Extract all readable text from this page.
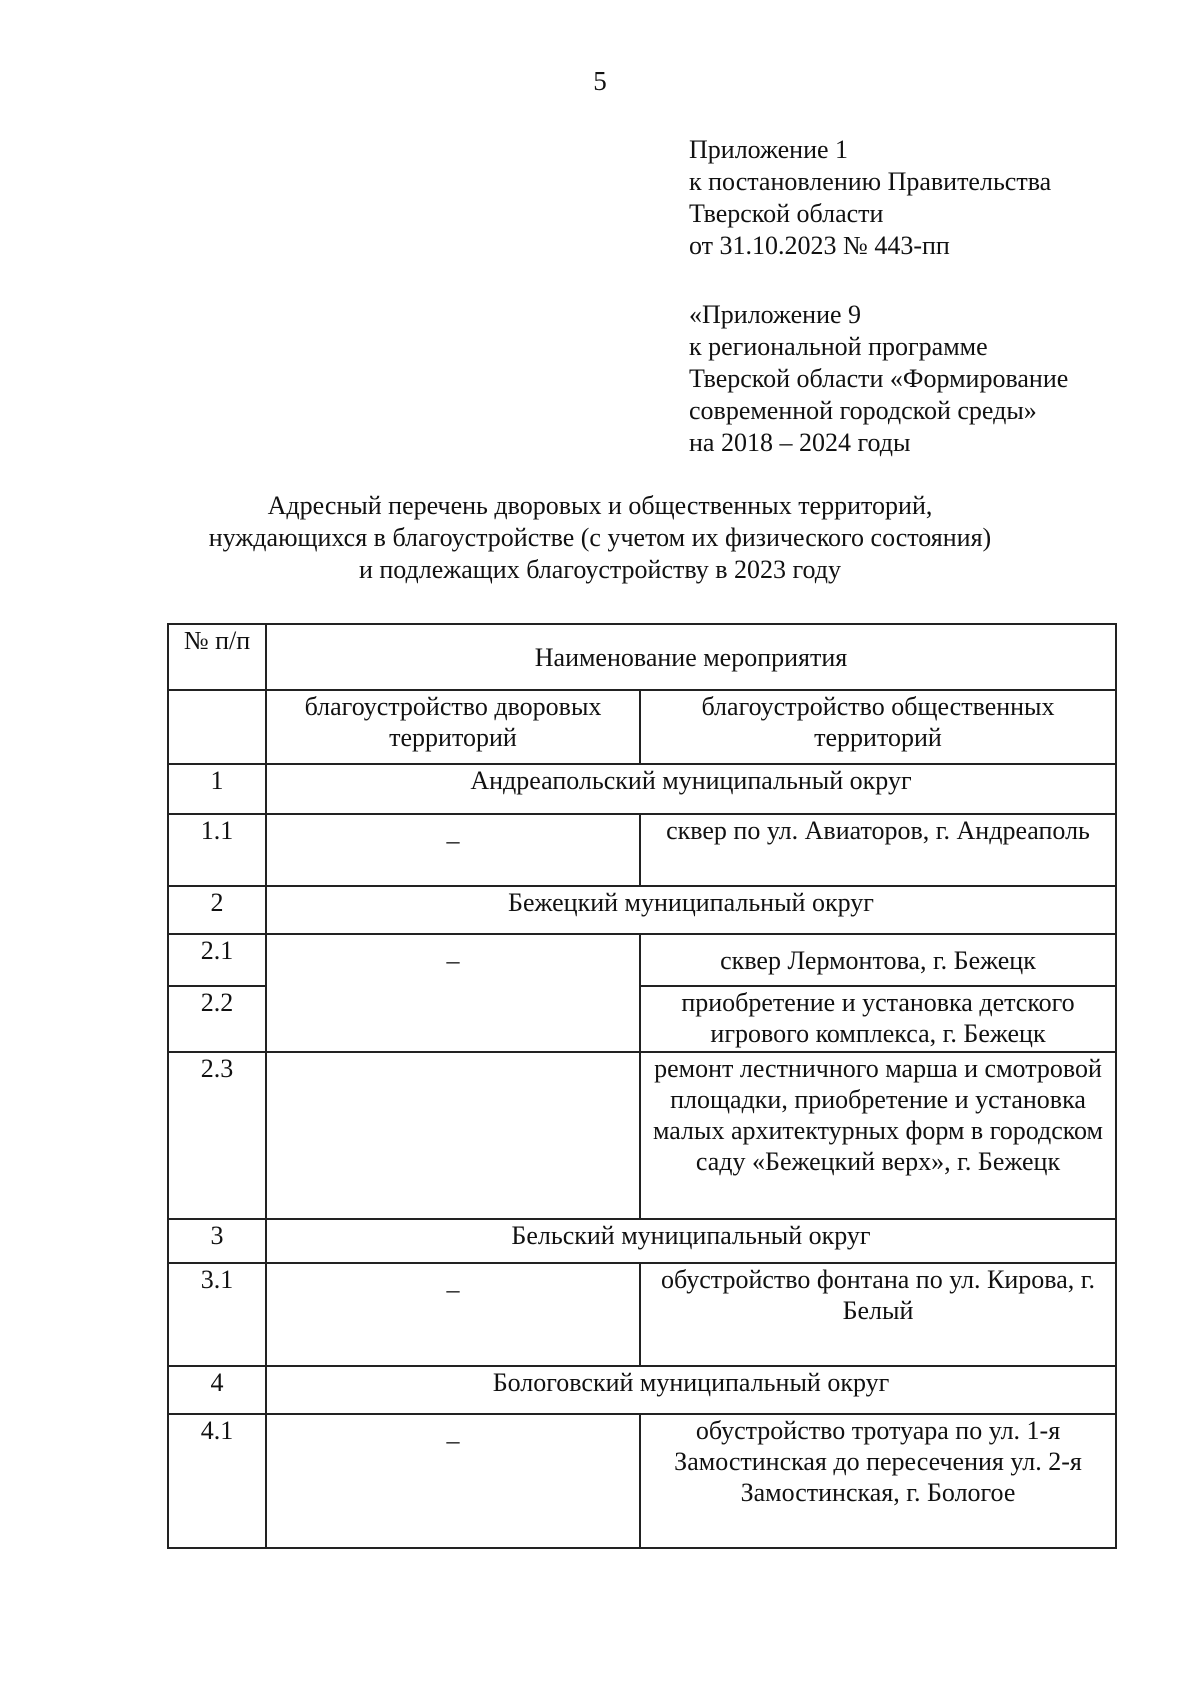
5
Приложение 1
к постановлению Правительства
Тверской области
от 31.10.2023 № 443-пп
«Приложение 9
к региональной программе
Тверской области «Формирование
современной городской среды»
на 2018 – 2024 годы
Адресный перечень дворовых и общественных территорий,
нуждающихся в благоустройстве (с учетом их физического состояния)
и подлежащих благоустройству в 2023 году
№ п/п	Наименование мероприятия	
	благоустройство дворовых территорий	благоустройство общественных территорий
1	Андреапольский муниципальный округ	
1.1	–	сквер по ул. Авиаторов, г. Андреаполь
2	Бежецкий муниципальный округ	
2.1	–	сквер Лермонтова, г. Бежецк
2.2		приобретение и установка детского игрового комплекса, г. Бежецк
2.3		ремонт лестничного марша и смотровой площадки, приобретение и установка малых архитектурных форм в городском саду «Бежецкий верх», г. Бежецк
3	Бельский муниципальный округ	
3.1	–	обустройство фонтана по ул. Кирова, г. Белый
4	Бологовский муниципальный округ	
4.1	–	обустройство тротуара по ул. 1-я Замостинская до пересечения ул. 2-я Замостинская, г. Бологое
